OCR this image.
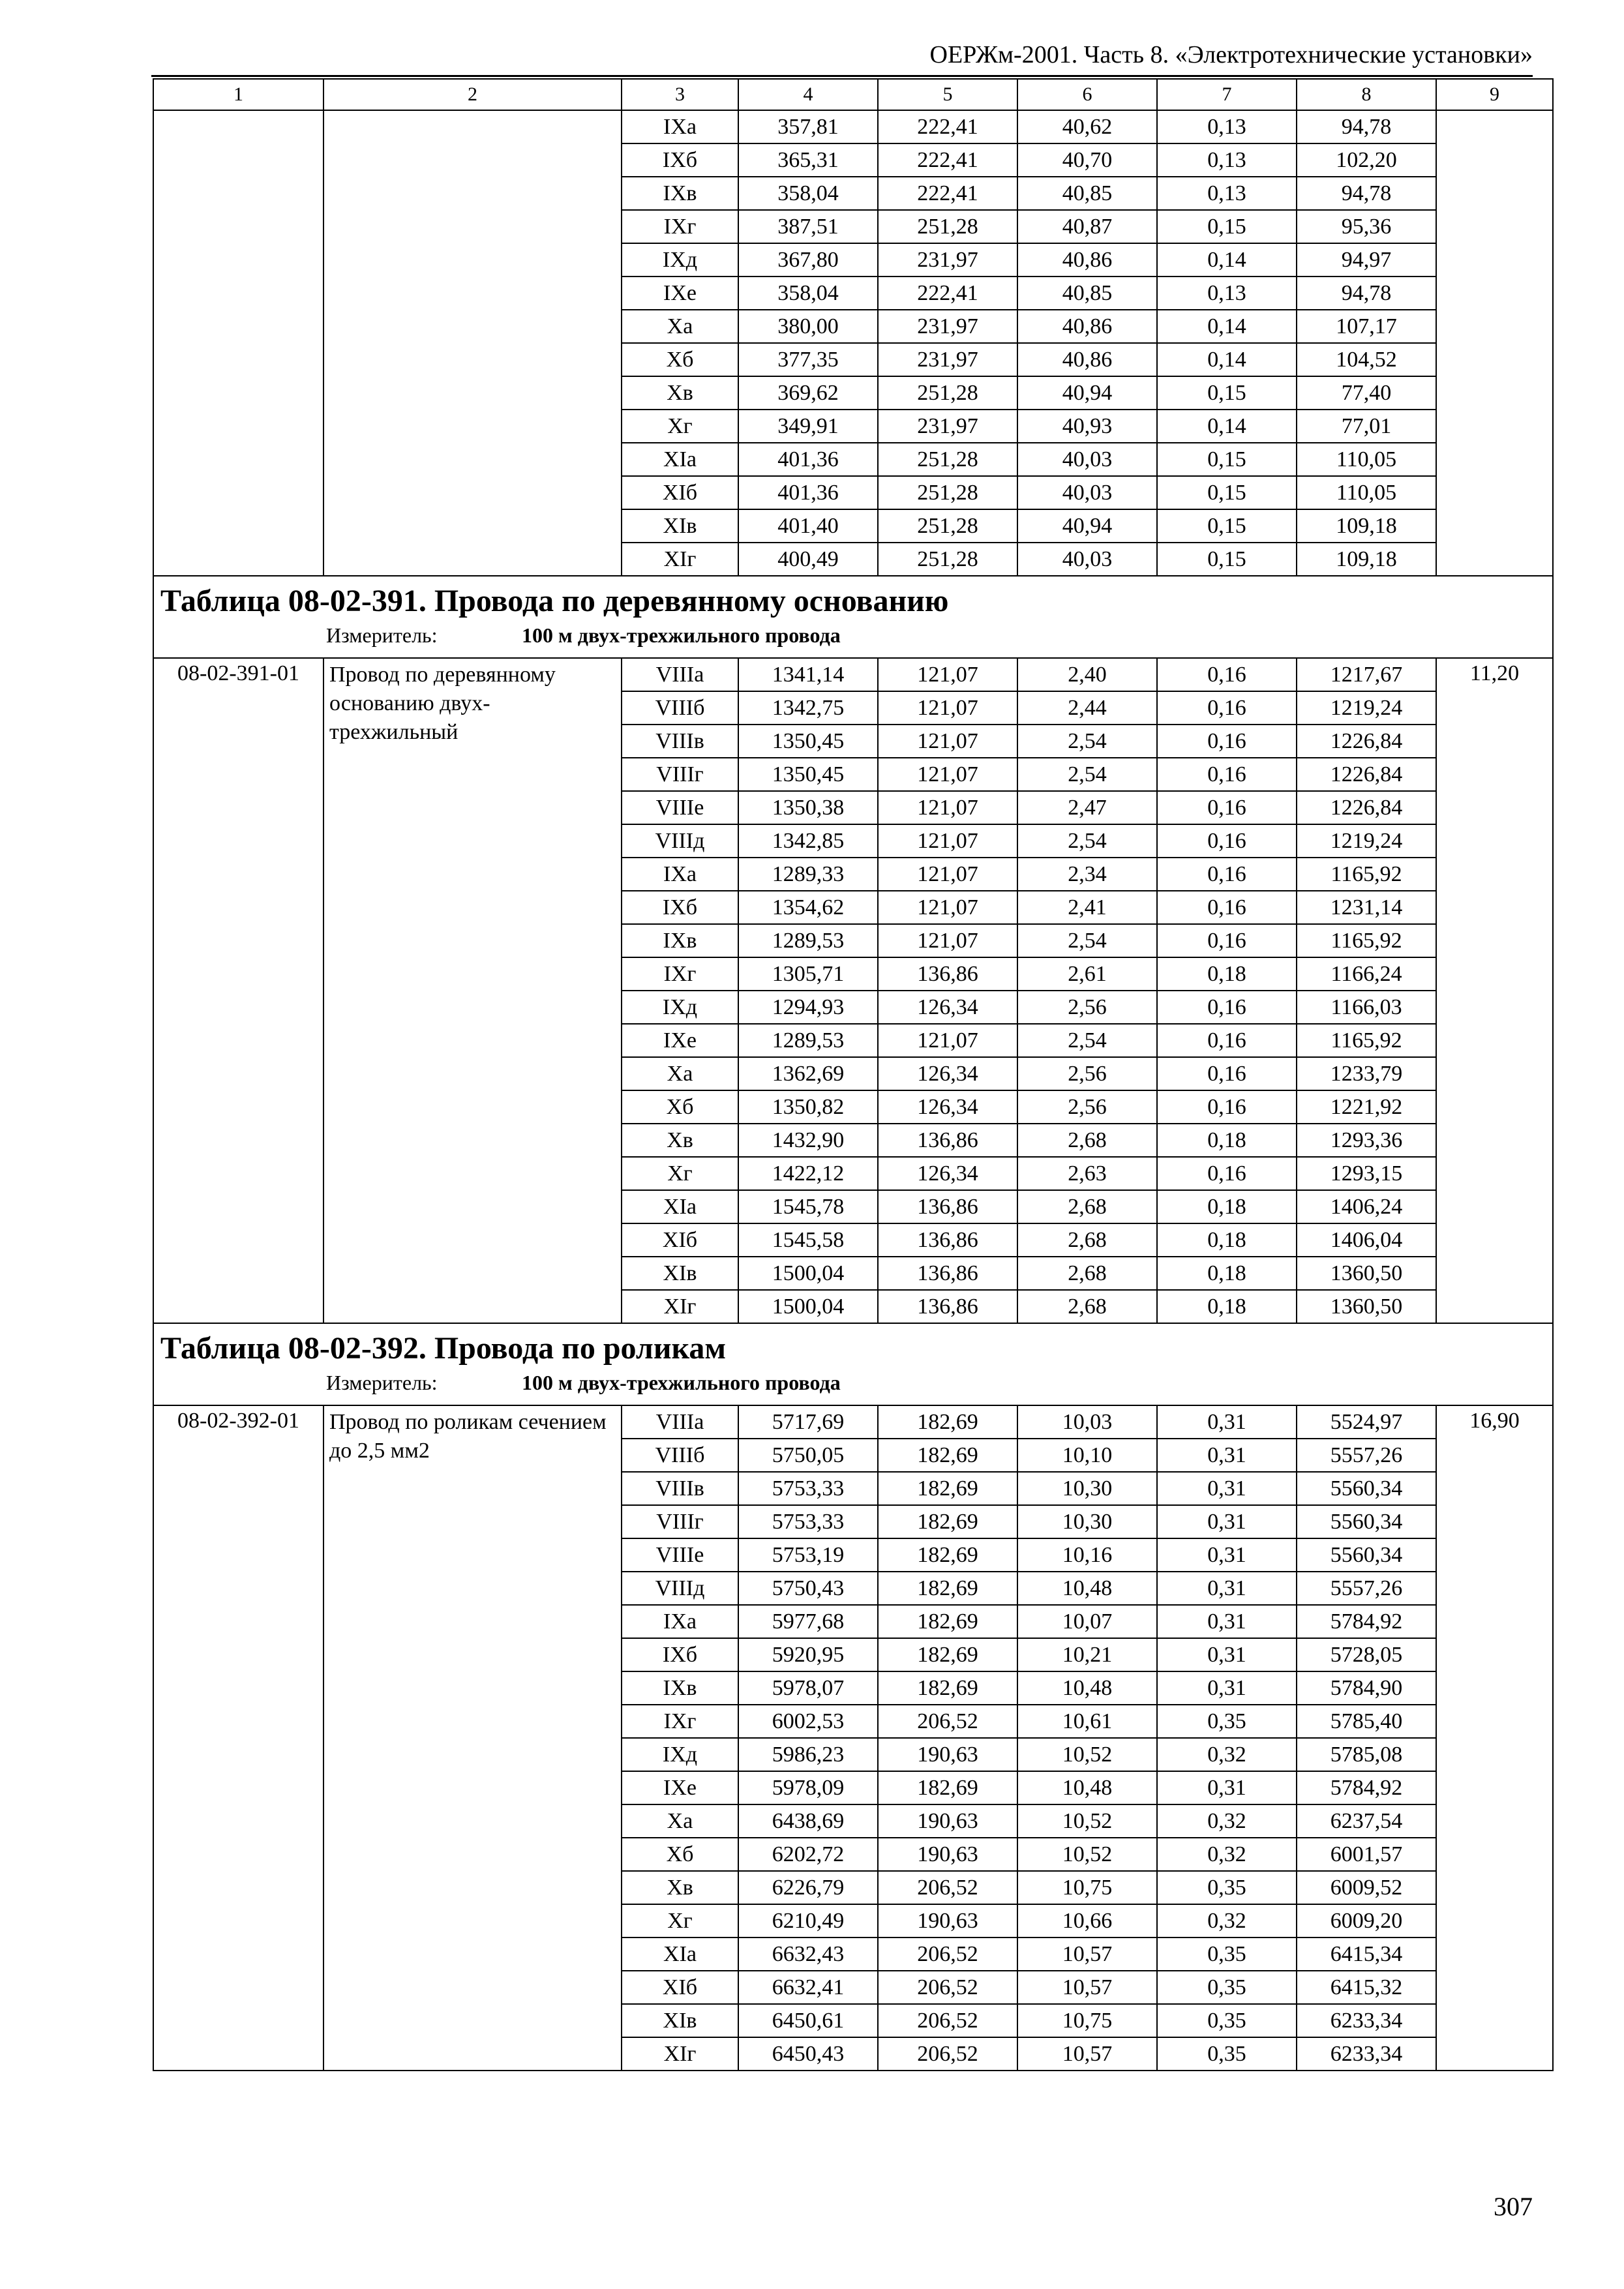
ОЕРЖм-2001. Часть 8. «Электротехнические установки»
1	2	3	4	5	6	7	8	9
		IXа	357,81	222,41	40,62	0,13	94,78	
		IXб	365,31	222,41	40,70	0,13	102,20	
		IXв	358,04	222,41	40,85	0,13	94,78	
		IXг	387,51	251,28	40,87	0,15	95,36	
		IXд	367,80	231,97	40,86	0,14	94,97	
		IXе	358,04	222,41	40,85	0,13	94,78	
		Xа	380,00	231,97	40,86	0,14	107,17	
		Xб	377,35	231,97	40,86	0,14	104,52	
		Xв	369,62	251,28	40,94	0,15	77,40	
		Xг	349,91	231,97	40,93	0,14	77,01	
		XIа	401,36	251,28	40,03	0,15	110,05	
		XIб	401,36	251,28	40,03	0,15	110,05	
		XIв	401,40	251,28	40,94	0,15	109,18	
		XIг	400,49	251,28	40,03	0,15	109,18	

Таблица 08-02-391. Провода по деревянному основанию
Измеритель: 100 м двух-трехжильного провода								

08-02-391-01	Провод по деревянному основанию двух-трехжильный	VIIIа	1341,14	121,07	2,40	0,16	1217,67	11,20
		VIIIб	1342,75	121,07	2,44	0,16	1219,24	
		VIIIв	1350,45	121,07	2,54	0,16	1226,84	
		VIIIг	1350,45	121,07	2,54	0,16	1226,84	
		VIIIе	1350,38	121,07	2,47	0,16	1226,84	
		VIIIд	1342,85	121,07	2,54	0,16	1219,24	
		IXа	1289,33	121,07	2,34	0,16	1165,92	
		IXб	1354,62	121,07	2,41	0,16	1231,14	
		IXв	1289,53	121,07	2,54	0,16	1165,92	
		IXг	1305,71	136,86	2,61	0,18	1166,24	
		IXд	1294,93	126,34	2,56	0,16	1166,03	
		IXе	1289,53	121,07	2,54	0,16	1165,92	
		Xа	1362,69	126,34	2,56	0,16	1233,79	
		Xб	1350,82	126,34	2,56	0,16	1221,92	
		Xв	1432,90	136,86	2,68	0,18	1293,36	
		Xг	1422,12	126,34	2,63	0,16	1293,15	
		XIа	1545,78	136,86	2,68	0,18	1406,24	
		XIб	1545,58	136,86	2,68	0,18	1406,04	
		XIв	1500,04	136,86	2,68	0,18	1360,50	
		XIг	1500,04	136,86	2,68	0,18	1360,50	

Таблица 08-02-392. Провода по роликам
Измеритель: 100 м двух-трехжильного провода								

08-02-392-01	Провод по роликам сечением до 2,5 мм2	VIIIа	5717,69	182,69	10,03	0,31	5524,97	16,90
		VIIIб	5750,05	182,69	10,10	0,31	5557,26	
		VIIIв	5753,33	182,69	10,30	0,31	5560,34	
		VIIIг	5753,33	182,69	10,30	0,31	5560,34	
		VIIIе	5753,19	182,69	10,16	0,31	5560,34	
		VIIIд	5750,43	182,69	10,48	0,31	5557,26	
		IXа	5977,68	182,69	10,07	0,31	5784,92	
		IXб	5920,95	182,69	10,21	0,31	5728,05	
		IXв	5978,07	182,69	10,48	0,31	5784,90	
		IXг	6002,53	206,52	10,61	0,35	5785,40	
		IXд	5986,23	190,63	10,52	0,32	5785,08	
		IXе	5978,09	182,69	10,48	0,31	5784,92	
		Xа	6438,69	190,63	10,52	0,32	6237,54	
		Xб	6202,72	190,63	10,52	0,32	6001,57	
		Xв	6226,79	206,52	10,75	0,35	6009,52	
		Xг	6210,49	190,63	10,66	0,32	6009,20	
		XIа	6632,43	206,52	10,57	0,35	6415,34	
		XIб	6632,41	206,52	10,57	0,35	6415,32	
		XIв	6450,61	206,52	10,75	0,35	6233,34	
		XIг	6450,43	206,52	10,57	0,35	6233,34	
307
